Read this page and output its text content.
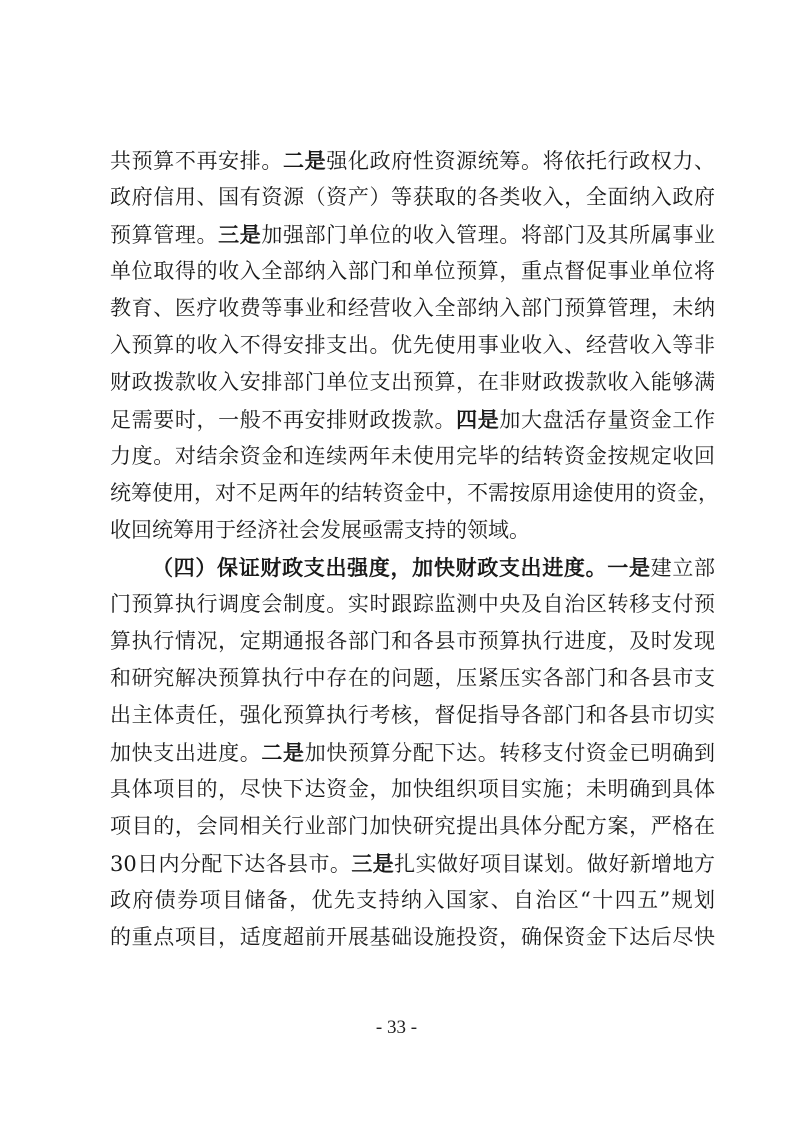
共预算不再安排。二是强化政府性资源统筹。将依托行政权力、
政府信用、国有资源（资产）等获取的各类收入，全面纳入政府
预算管理。三是加强部门单位的收入管理。将部门及其所属事业
单位取得的收入全部纳入部门和单位预算，重点督促事业单位将
教育、医疗收费等事业和经营收入全部纳入部门预算管理，未纳
入预算的收入不得安排支出。优先使用事业收入、经营收入等非
财政拨款收入安排部门单位支出预算，在非财政拨款收入能够满
足需要时，一般不再安排财政拨款。四是加大盘活存量资金工作
力度。对结余资金和连续两年未使用完毕的结转资金按规定收回
统筹使用，对不足两年的结转资金中，不需按原用途使用的资金，
收回统筹用于经济社会发展亟需支持的领域。
（四）保证财政支出强度，加快财政支出进度。一是建立部
门预算执行调度会制度。实时跟踪监测中央及自治区转移支付预
算执行情况，定期通报各部门和各县市预算执行进度，及时发现
和研究解决预算执行中存在的问题，压紧压实各部门和各县市支
出主体责任，强化预算执行考核，督促指导各部门和各县市切实
加快支出进度。二是加快预算分配下达。转移支付资金已明确到
具体项目的，尽快下达资金，加快组织项目实施；未明确到具体
项目的，会同相关行业部门加快研究提出具体分配方案，严格在
30日内分配下达各县市。三是扎实做好项目谋划。做好新增地方
政府债券项目储备，优先支持纳入国家、自治区“十四五”规划
的重点项目，适度超前开展基础设施投资，确保资金下达后尽快
- 33 -
